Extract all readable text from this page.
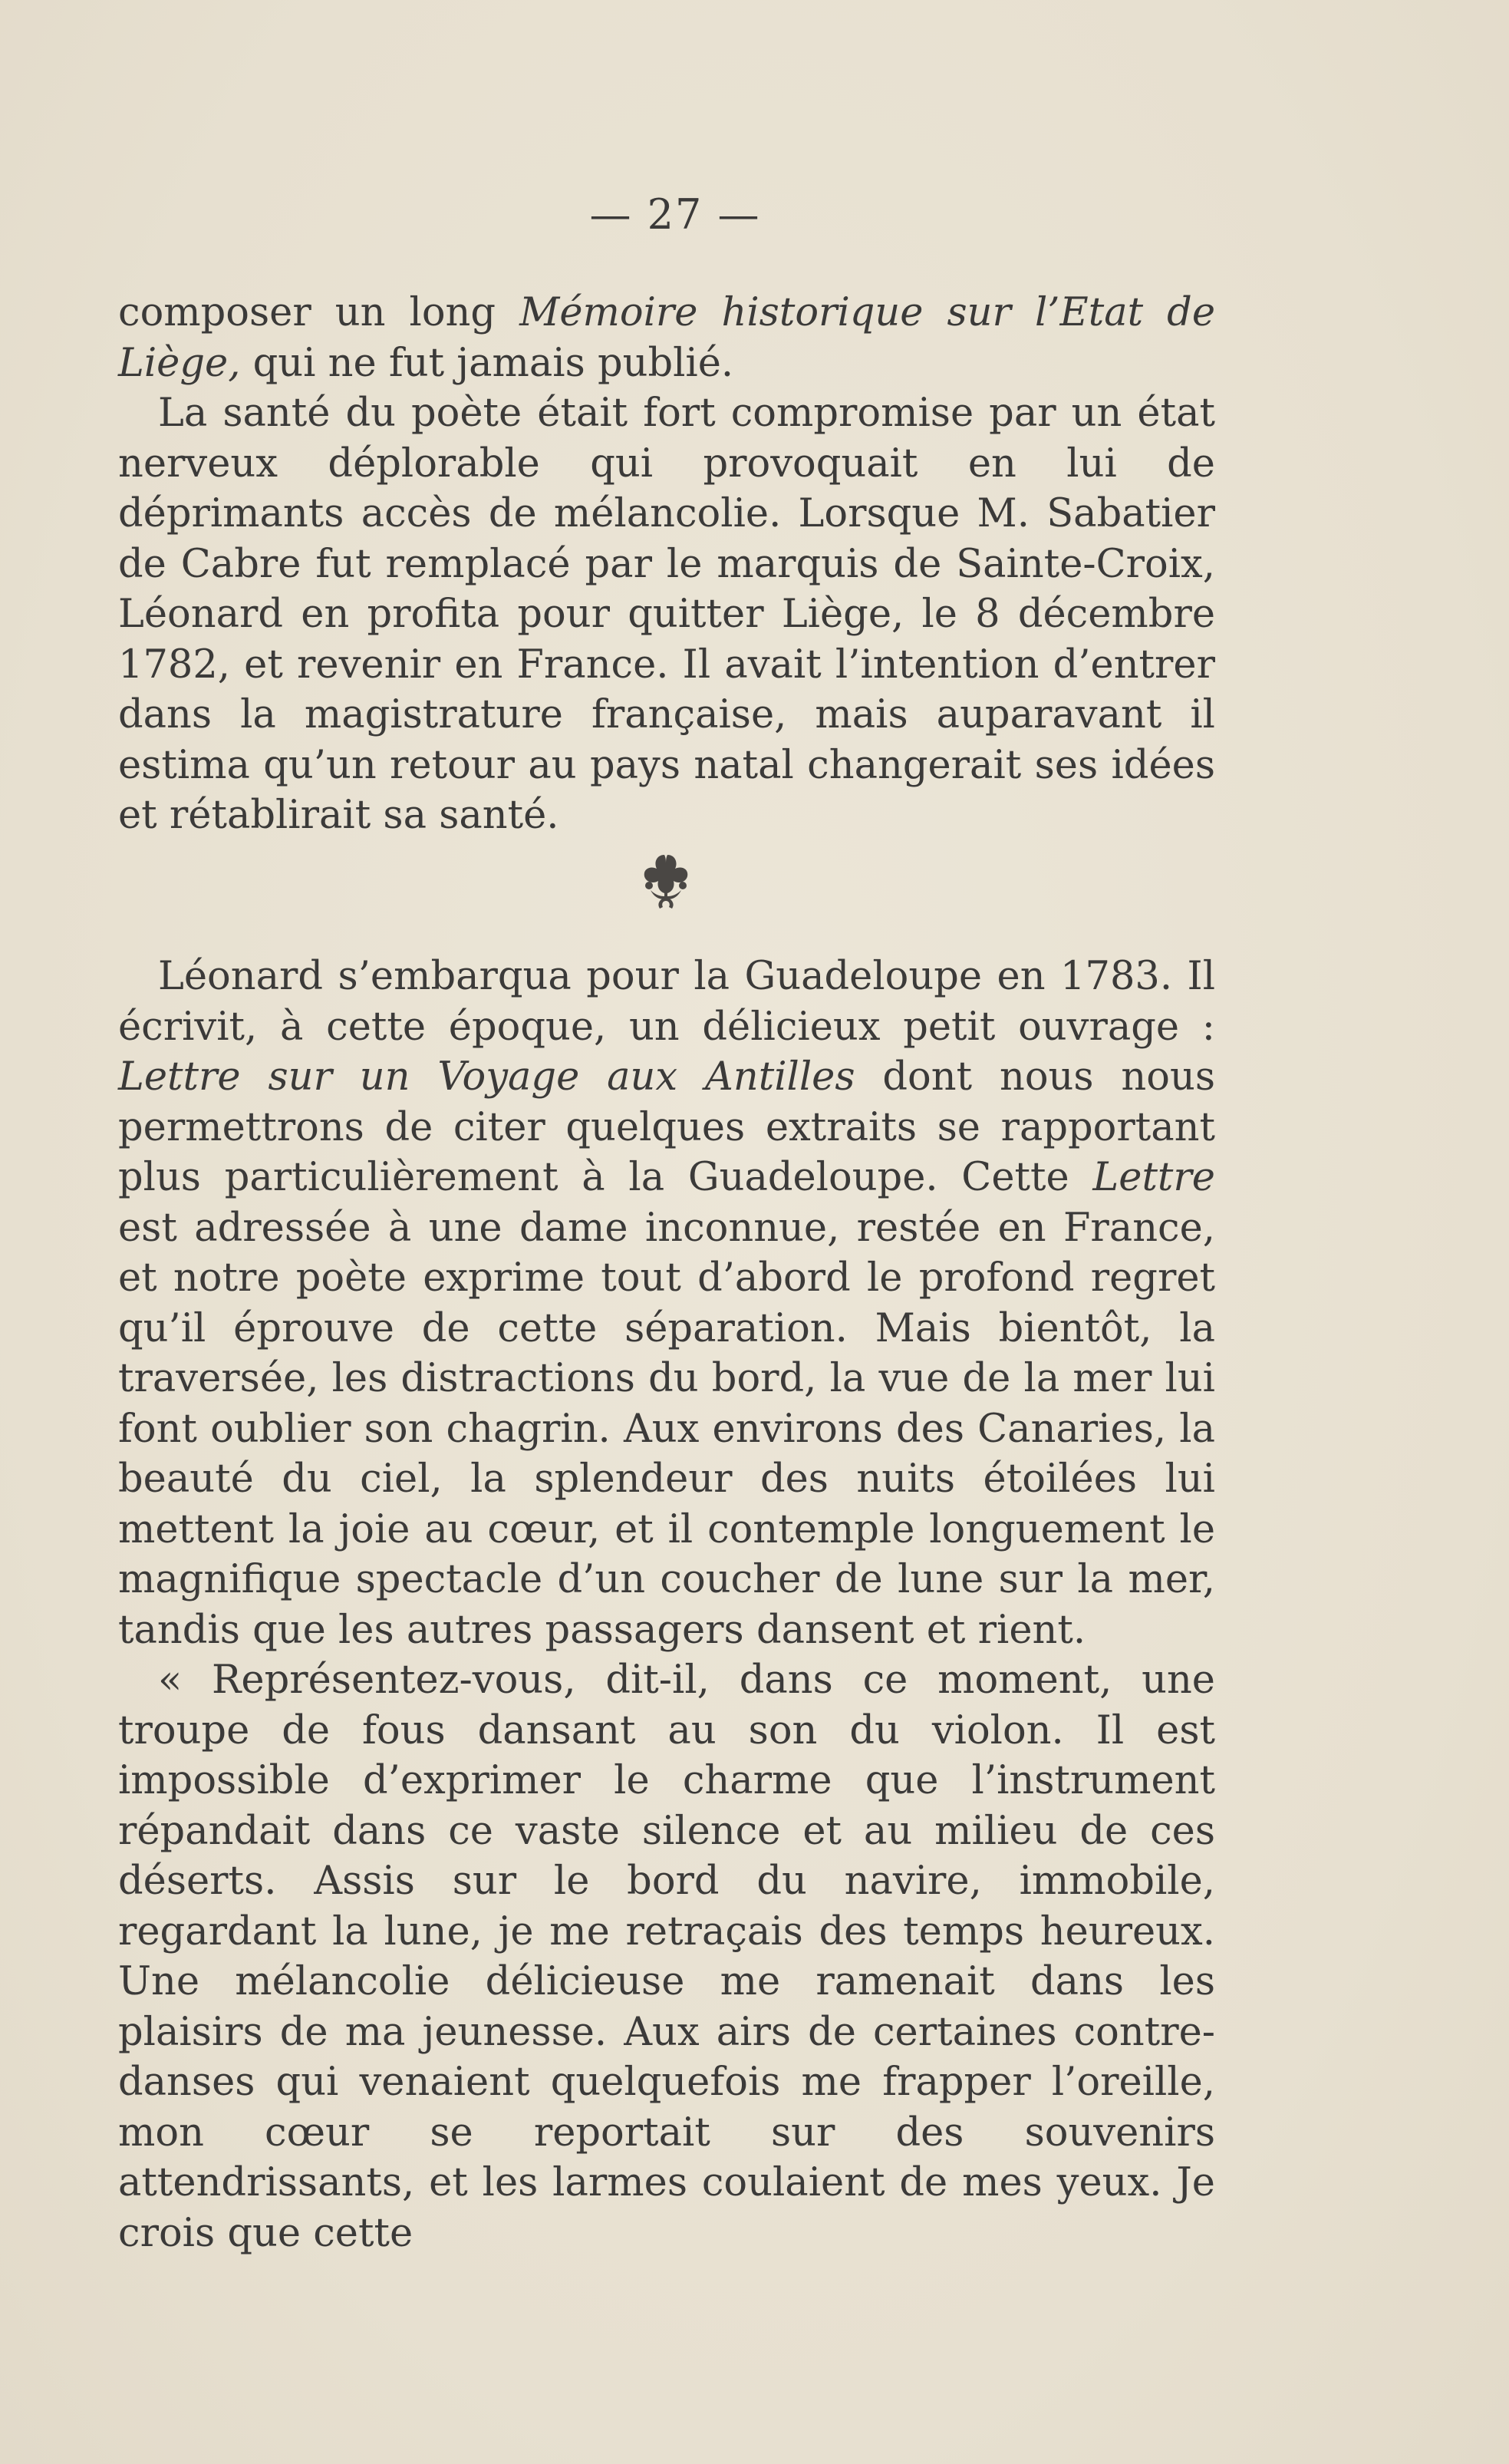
— 27 —

composer un long Mémoire historique sur l’Etat de Liège, qui ne fut jamais publié.

La santé du poète était fort compromise par un état nerveux déplorable qui provoquait en lui de déprimants accès de mélancolie. Lorsque M. Sabatier de Cabre fut remplacé par le marquis de Sainte-Croix, Léonard en profita pour quitter Liège, le 8 décembre 1782, et revenir en France. Il avait l’intention d’entrer dans la magistrature française, mais auparavant il estima qu’un retour au pays natal changerait ses idées et rétablirait sa santé.

Léonard s’embarqua pour la Guadeloupe en 1783. Il écrivit, à cette époque, un délicieux petit ouvrage : Lettre sur un Voyage aux Antilles dont nous nous permettrons de citer quelques extraits se rapportant plus particulièrement à la Guadeloupe. Cette Lettre est adressée à une dame inconnue, restée en France, et notre poète exprime tout d’abord le profond regret qu’il éprouve de cette séparation. Mais bientôt, la traversée, les distractions du bord, la vue de la mer lui font oublier son chagrin. Aux environs des Canaries, la beauté du ciel, la splendeur des nuits étoilées lui mettent la joie au cœur, et il contemple longuement le magnifique spectacle d’un coucher de lune sur la mer, tandis que les autres passagers dansent et rient.

« Représentez-vous, dit-il, dans ce moment, une troupe de fous dansant au son du violon. Il est impossible d’exprimer le charme que l’instrument répandait dans ce vaste silence et au milieu de ces déserts. Assis sur le bord du navire, immobile, regardant la lune, je me retraçais des temps heureux. Une mélancolie délicieuse me ramenait dans les plaisirs de ma jeunesse. Aux airs de certaines contre-danses qui venaient quelquefois me frapper l’oreille, mon cœur se reportait sur des souvenirs attendrissants, et les larmes coulaient de mes yeux. Je crois que cette
